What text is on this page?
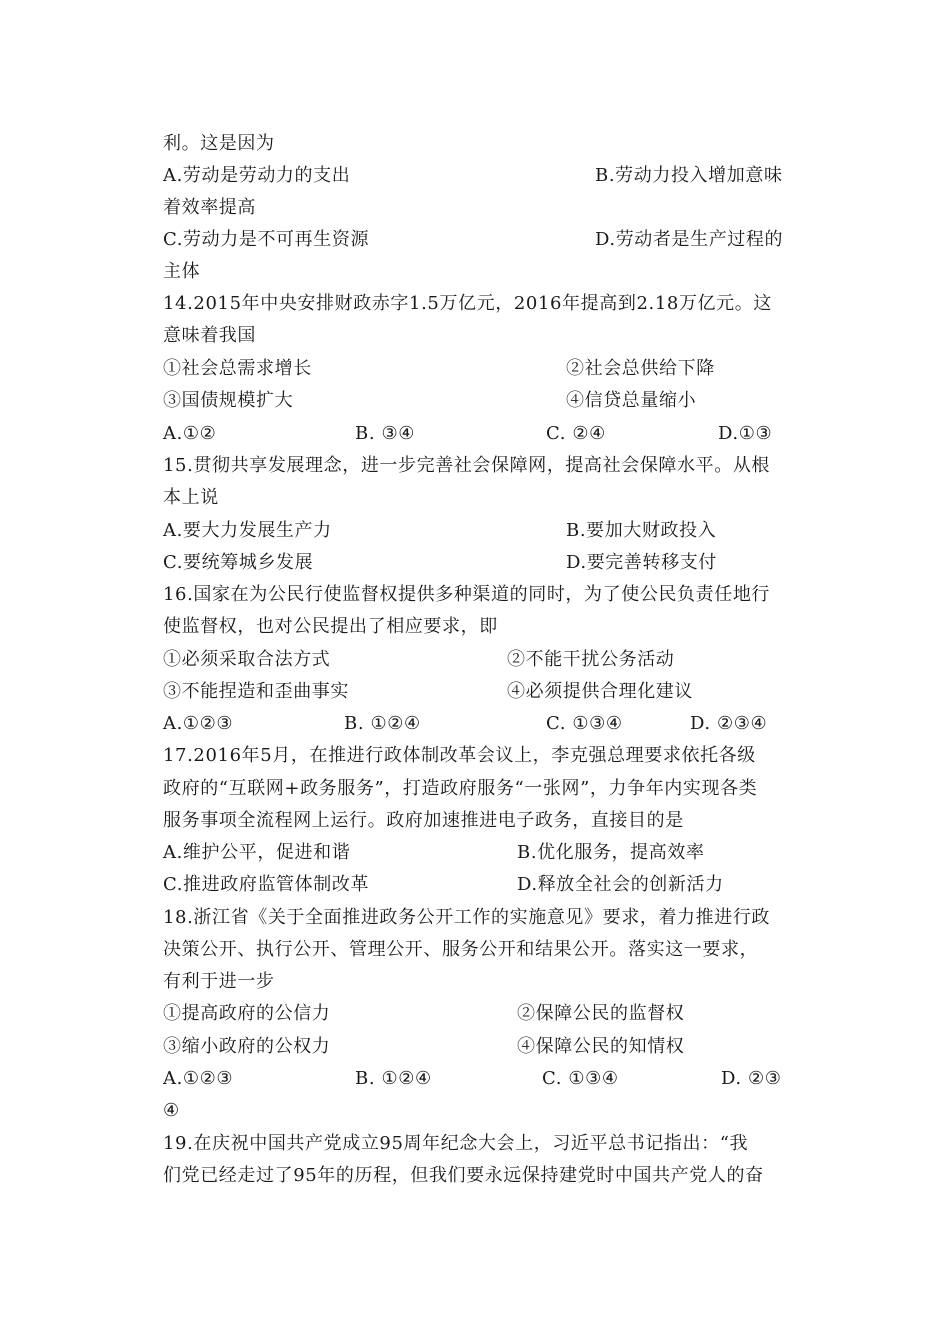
利。这是因为
A.劳动是劳动力的支出	B.劳动力投入增加意味
着效率提高
C.劳动力是不可再生资源	D.劳动者是生产过程的
主体
14.2015年中央安排财政赤字1.5万亿元，2016年提高到2.18万亿元。这
意味着我国
①社会总需求增长	②社会总供给下降
③国债规模扩大	④信贷总量缩小
A.①②	B. ③④	C. ②④	D.①③
15.贯彻共享发展理念，进一步完善社会保障网，提高社会保障水平。从根
本上说
A.要大力发展生产力	B.要加大财政投入
C.要统筹城乡发展	D.要完善转移支付
16.国家在为公民行使监督权提供多种渠道的同时，为了使公民负责任地行
使监督权，也对公民提出了相应要求，即
①必须采取合法方式	②不能干扰公务活动
③不能捏造和歪曲事实	④必须提供合理化建议
A.①②③	B. ①②④	C. ①③④	D. ②③④
17.2016年5月，在推进行政体制改革会议上，李克强总理要求依托各级
政府的“互联网+政务服务”，打造政府服务“一张网”，力争年内实现各类
服务事项全流程网上运行。政府加速推进电子政务，直接目的是
A.维护公平，促进和谐	B.优化服务，提高效率
C.推进政府监管体制改革	D.释放全社会的创新活力
18.浙江省《关于全面推进政务公开工作的实施意见》要求，着力推进行政
决策公开、执行公开、管理公开、服务公开和结果公开。落实这一要求，
有利于进一步
①提高政府的公信力	②保障公民的监督权
③缩小政府的公权力	④保障公民的知情权
A.①②③	B. ①②④	C. ①③④	D. ②③
④
19.在庆祝中国共产党成立95周年纪念大会上，习近平总书记指出：“我
们党已经走过了95年的历程，但我们要永远保持建党时中国共产党人的奋
